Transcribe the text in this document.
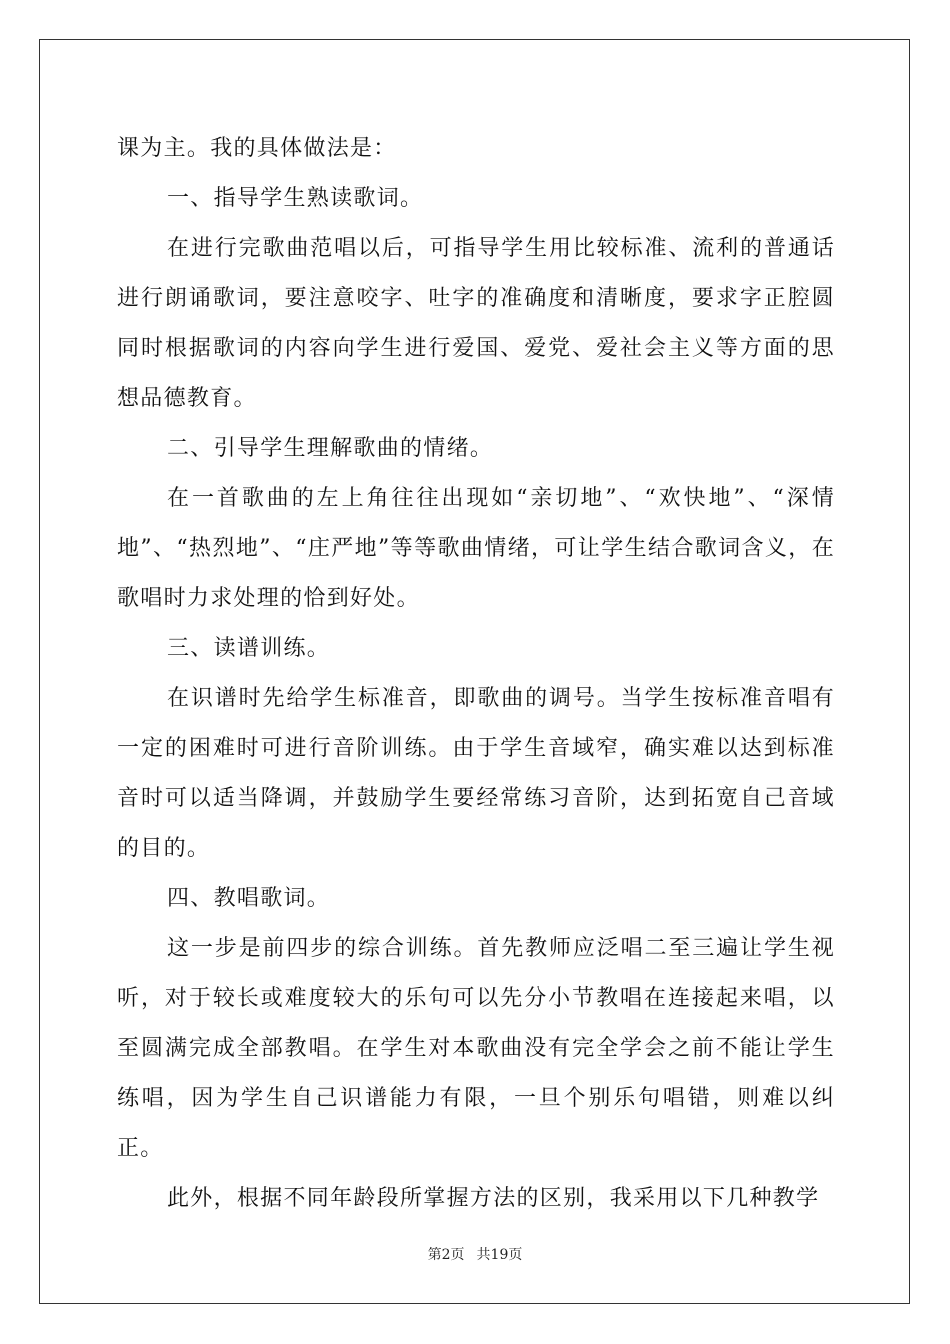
课为主。我的具体做法是：

一、指导学生熟读歌词。

在进行完歌曲范唱以后，可指导学生用比较标准、流利的普通话进行朗诵歌词，要注意咬字、吐字的准确度和清晰度，要求字正腔圆同时根据歌词的内容向学生进行爱国、爱党、爱社会主义等方面的思想品德教育。

二、引导学生理解歌曲的情绪。

在一首歌曲的左上角往往出现如“亲切地”、“欢快地”、“深情地”、“热烈地”、“庄严地”等等歌曲情绪，可让学生结合歌词含义，在歌唱时力求处理的恰到好处。

三、读谱训练。

在识谱时先给学生标准音，即歌曲的调号。当学生按标准音唱有一定的困难时可进行音阶训练。由于学生音域窄，确实难以达到标准音时可以适当降调，并鼓励学生要经常练习音阶，达到拓宽自己音域的目的。

四、教唱歌词。

这一步是前四步的综合训练。首先教师应泛唱二至三遍让学生视听，对于较长或难度较大的乐句可以先分小节教唱在连接起来唱，以至圆满完成全部教唱。在学生对本歌曲没有完全学会之前不能让学生练唱，因为学生自己识谱能力有限，一旦个别乐句唱错，则难以纠正。

此外，根据不同年龄段所掌握方法的区别，我采用以下几种教学

第2页 共19页
